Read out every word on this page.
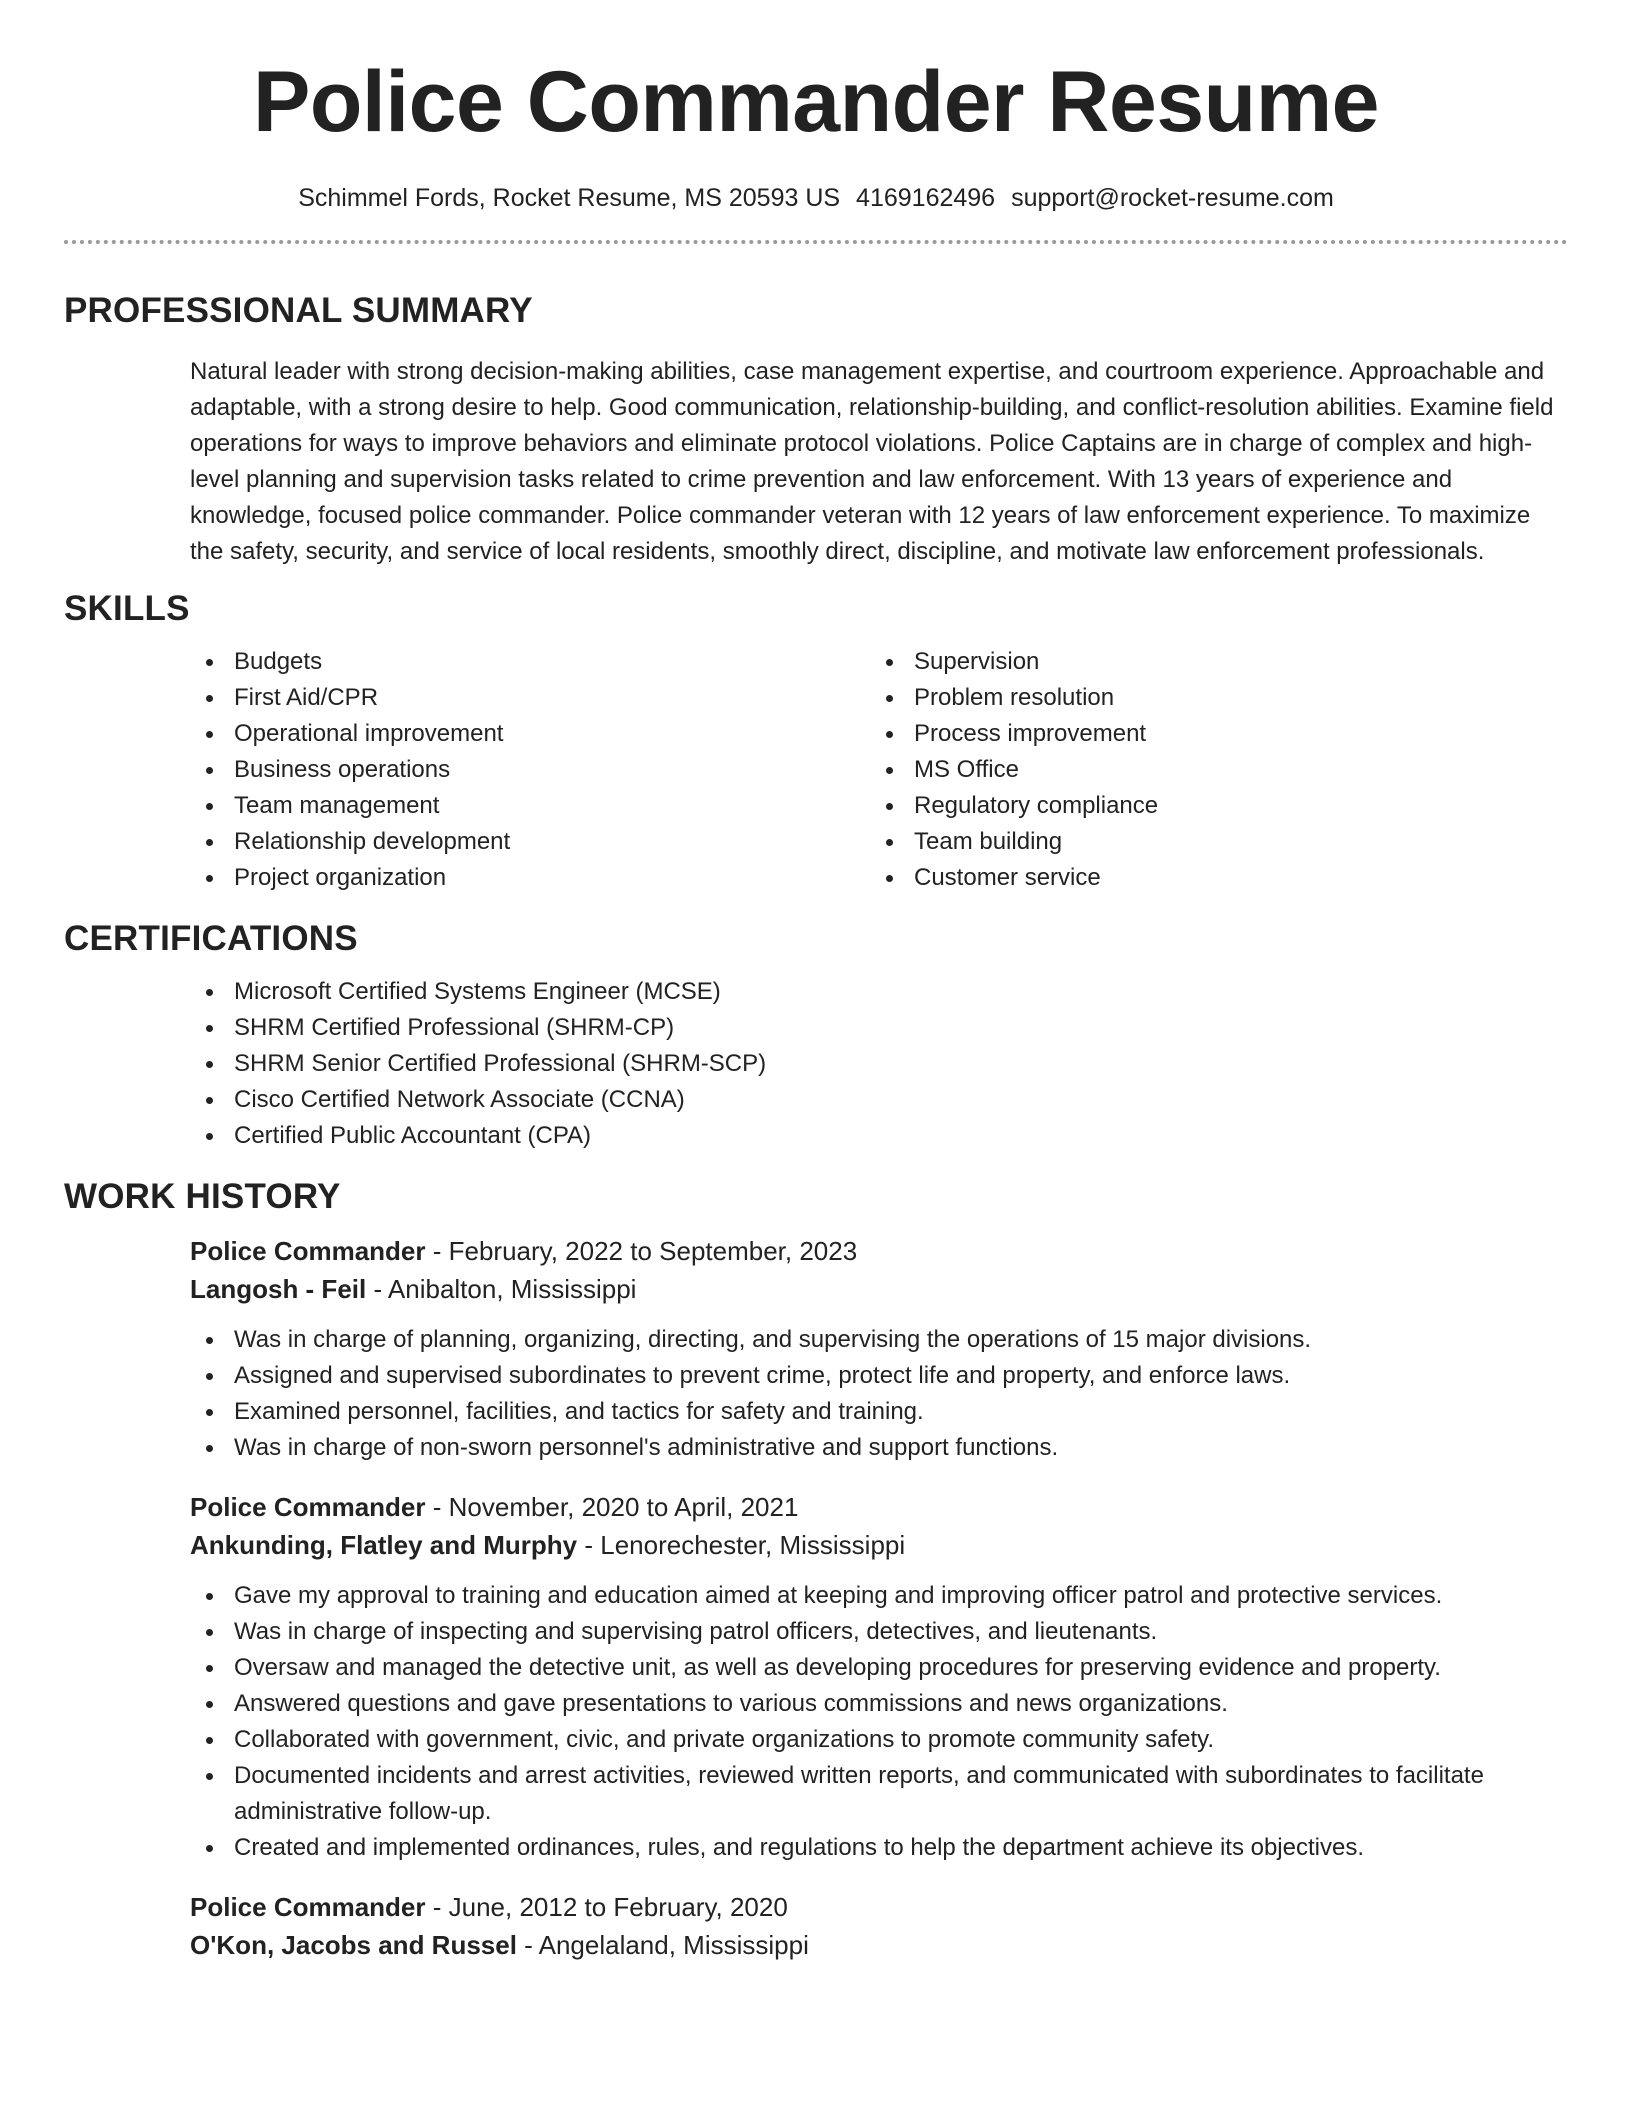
Police Commander Resume
Schimmel Fords, Rocket Resume, MS 20593 US 4169162496 support@rocket-resume.com
PROFESSIONAL SUMMARY

Natural leader with strong decision-making abilities, case management expertise, and courtroom experience. Approachable and adaptable, with a strong desire to help. Good communication, relationship-building, and conflict-resolution abilities. Examine field operations for ways to improve behaviors and eliminate protocol violations. Police Captains are in charge of complex and high-level planning and supervision tasks related to crime prevention and law enforcement. With 13 years of experience and knowledge, focused police commander. Police commander veteran with 12 years of law enforcement experience. To maximize the safety, security, and service of local residents, smoothly direct, discipline, and motivate law enforcement professionals.

SKILLS
Budgets
First Aid/CPR
Operational improvement
Business operations
Team management
Relationship development
Project organization
Supervision
Problem resolution
Process improvement
MS Office
Regulatory compliance
Team building
Customer service
CERTIFICATIONS
Microsoft Certified Systems Engineer (MCSE)
SHRM Certified Professional (SHRM-CP)
SHRM Senior Certified Professional (SHRM-SCP)
Cisco Certified Network Associate (CCNA)
Certified Public Accountant (CPA)
WORK HISTORY
Police Commander - February, 2022 to September, 2023
Langosh - Feil - Anibalton, Mississippi
Was in charge of planning, organizing, directing, and supervising the operations of 15 major divisions.
Assigned and supervised subordinates to prevent crime, protect life and property, and enforce laws.
Examined personnel, facilities, and tactics for safety and training.
Was in charge of non-sworn personnel's administrative and support functions.
Police Commander - November, 2020 to April, 2021
Ankunding, Flatley and Murphy - Lenorechester, Mississippi
Gave my approval to training and education aimed at keeping and improving officer patrol and protective services.
Was in charge of inspecting and supervising patrol officers, detectives, and lieutenants.
Oversaw and managed the detective unit, as well as developing procedures for preserving evidence and property.
Answered questions and gave presentations to various commissions and news organizations.
Collaborated with government, civic, and private organizations to promote community safety.
Documented incidents and arrest activities, reviewed written reports, and communicated with subordinates to facilitate administrative follow-up.
Created and implemented ordinances, rules, and regulations to help the department achieve its objectives.
Police Commander - June, 2012 to February, 2020
O'Kon, Jacobs and Russel - Angelaland, Mississippi
